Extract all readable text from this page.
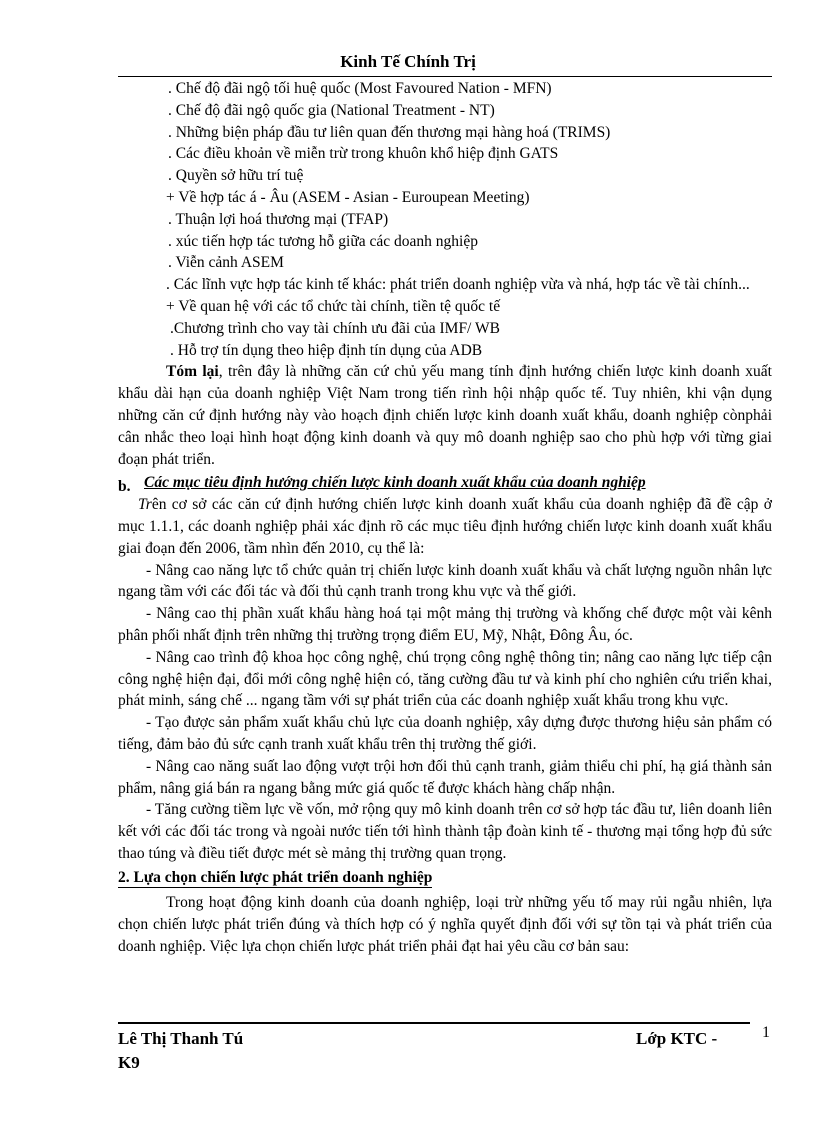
Kinh Tế Chính Trị
. Chế độ đãi ngộ tối huệ quốc (Most Favoured Nation - MFN)
. Chế độ đãi ngộ quốc gia (National Treatment - NT)
. Những biện pháp đầu tư liên quan đến thương mại hàng hoá (TRIMS)
. Các điều khoản về miễn trừ trong khuôn khổ hiệp định GATS
. Quyền sở hữu trí tuệ
+ Về hợp tác á - Âu (ASEM - Asian - Euroupean Meeting)
. Thuận lợi hoá thương mại (TFAP)
. xúc tiến hợp tác tương hỗ giữa các doanh nghiệp
. Viễn cảnh ASEM

. Các lĩnh vực hợp tác kinh tế khác: phát triển doanh nghiệp vừa và nhá, hợp tác về tài chính...

+ Về quan hệ với các tổ chức tài chính, tiền tệ quốc tế
.Chương trình cho vay tài chính ưu đãi của IMF/ WB
. Hỗ trợ tín dụng theo hiệp định tín dụng của ADB

Tóm lại, trên đây là những căn cứ chủ yếu mang tính định hướng chiến lược kinh doanh xuất khẩu dài hạn của doanh nghiệp Việt Nam trong tiến rình hội nhập quốc tế. Tuy nhiên, khi vận dụng những căn cứ định hướng này vào hoạch định chiến lược kinh doanh xuất khẩu, doanh nghiệp cònphải cân nhắc theo loại hình hoạt động kinh doanh và quy mô doanh nghiệp sao cho phù hợp với từng giai đoạn phát triển.

b. Các mục tiêu định hướng chiến lược kinh doanh xuất khẩu của doanh nghiệp

Trên cơ sở các căn cứ định hướng chiến lược kinh doanh xuất khẩu của doanh nghiệp đã đề cập ở mục 1.1.1, các doanh nghiệp phải xác định rõ các mục tiêu định hướng chiến lược kinh doanh xuất khẩu giai đoạn đến 2006, tầm nhìn đến 2010, cụ thể là:

- Nâng cao năng lực tổ chức quản trị chiến lược kinh doanh xuất khẩu và chất lượng nguồn nhân lực ngang tầm với các đối tác và đối thủ cạnh tranh trong khu vực và thế giới.

- Nâng cao thị phần xuất khẩu hàng hoá tại một mảng thị trường và khống chế được một vài kênh phân phối nhất định trên những thị trường trọng điểm EU, Mỹ, Nhật, Đông Âu, óc.

- Nâng cao trình độ khoa học công nghệ, chú trọng công nghệ thông tin; nâng cao năng lực tiếp cận công nghệ hiện đại, đổi mới công nghệ hiện có, tăng cường đầu tư và kinh phí cho nghiên cứu triển khai, phát minh, sáng chế ... ngang tầm với sự phát triển của các doanh nghiệp xuất khẩu trong khu vực.

- Tạo được sản phẩm xuất khẩu chủ lực của doanh nghiệp, xây dựng được thương hiệu sản phẩm có tiếng, đảm bảo đủ sức cạnh tranh xuất khẩu trên thị trường thế giới.

- Nâng cao năng suất lao động vượt trội hơn đối thủ cạnh tranh, giảm thiểu chi phí, hạ giá thành sản phẩm, nâng giá bán ra ngang bằng mức giá quốc tế được khách hàng chấp nhận.

- Tăng cường tiềm lực về vốn, mở rộng quy mô kinh doanh trên cơ sở hợp tác đầu tư, liên doanh liên kết với các đối tác trong và ngoài nước tiến tới hình thành tập đoàn kinh tế - thương mại tổng hợp đủ sức thao túng và điều tiết được mét sè mảng thị trường quan trọng.

2. Lựa chọn chiến lược phát triển doanh nghiệp

Trong hoạt động kinh doanh của doanh nghiệp, loại trừ những yếu tố may rủi ngẫu nhiên, lựa chọn chiến lược phát triển đúng và thích hợp có ý nghĩa quyết định đối với sự tồn tại và phát triển của doanh nghiệp. Việc lựa chọn chiến lược phát triển phải đạt hai yêu cầu cơ bản sau:

Lê Thị Thanh Tú
K9
Lớp KTC -	1
